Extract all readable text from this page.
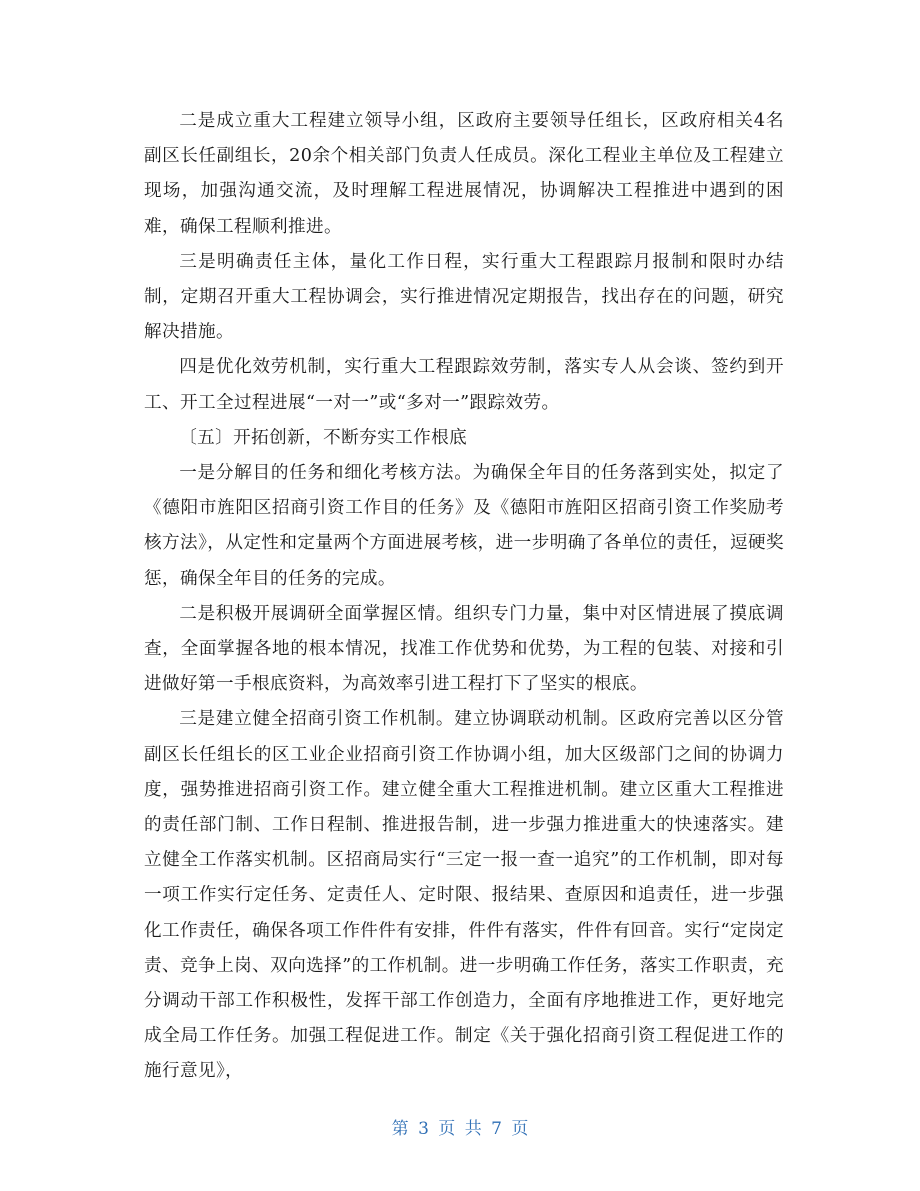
二是成立重大工程建立领导小组，区政府主要领导任组长，区政府相关4名副区长任副组长，20余个相关部门负责人任成员。深化工程业主单位及工程建立现场，加强沟通交流，及时理解工程进展情况，协调解决工程推进中遇到的困难，确保工程顺利推进。

三是明确责任主体，量化工作日程，实行重大工程跟踪月报制和限时办结制，定期召开重大工程协调会，实行推进情况定期报告，找出存在的问题，研究解决措施。

四是优化效劳机制，实行重大工程跟踪效劳制，落实专人从会谈、签约到开工、开工全过程进展“一对一”或“多对一”跟踪效劳。

〔五〕开拓创新，不断夯实工作根底

一是分解目的任务和细化考核方法。为确保全年目的任务落到实处，拟定了《德阳市旌阳区招商引资工作目的任务》及《德阳市旌阳区招商引资工作奖励考核方法》，从定性和定量两个方面进展考核，进一步明确了各单位的责任，逗硬奖惩，确保全年目的任务的完成。

二是积极开展调研全面掌握区情。组织专门力量，集中对区情进展了摸底调查，全面掌握各地的根本情况，找准工作优势和优势，为工程的包装、对接和引进做好第一手根底资料，为高效率引进工程打下了坚实的根底。

三是建立健全招商引资工作机制。建立协调联动机制。区政府完善以区分管副区长任组长的区工业企业招商引资工作协调小组，加大区级部门之间的协调力度，强势推进招商引资工作。建立健全重大工程推进机制。建立区重大工程推进的责任部门制、工作日程制、推进报告制，进一步强力推进重大的快速落实。建立健全工作落实机制。区招商局实行“三定一报一查一追究”的工作机制，即对每一项工作实行定任务、定责任人、定时限、报结果、查原因和追责任，进一步强化工作责任，确保各项工作件件有安排，件件有落实，件件有回音。实行“定岗定责、竞争上岗、双向选择”的工作机制。进一步明确工作任务，落实工作职责，充分调动干部工作积极性，发挥干部工作创造力，全面有序地推进工作，更好地完成全局工作任务。加强工程促进工作。制定《关于强化招商引资工程促进工作的施行意见》，

第 3 页 共 7 页
